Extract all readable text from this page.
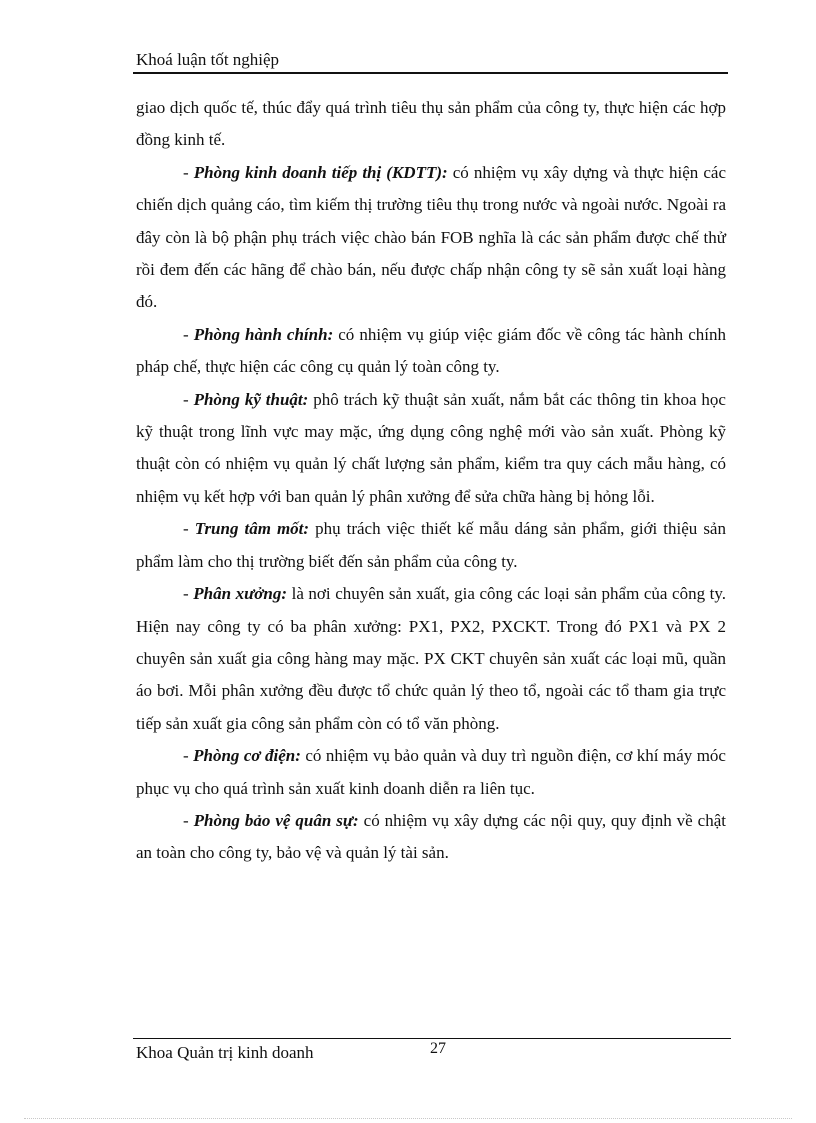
Khoá luận tốt nghiệp

giao dịch quốc tế, thúc đẩy quá trình tiêu thụ sản phẩm của công ty, thực hiện các hợp đồng kinh tế.

- Phòng kinh doanh tiếp thị (KDTT): có nhiệm vụ xây dựng và thực hiện các chiến dịch quảng cáo, tìm kiếm thị trường tiêu thụ trong nước và ngoài nước. Ngoài ra đây còn là bộ phận phụ trách việc chào bán FOB nghĩa là các sản phẩm được chế thử rồi đem đến các hãng để chào bán, nếu được chấp nhận công ty sẽ sản xuất loại hàng đó.

- Phòng hành chính: có nhiệm vụ giúp việc giám đốc về công tác hành chính pháp chế, thực hiện các công cụ quản lý toàn công ty.

- Phòng kỹ thuật: phô trách kỹ thuật sản xuất, nắm bắt các thông tin khoa học kỹ thuật trong lĩnh vực may mặc, ứng dụng công nghệ mới vào sản xuất. Phòng kỹ thuật còn có nhiệm vụ quản lý chất lượng sản phẩm, kiểm tra quy cách mẫu hàng, có nhiệm vụ kết hợp với ban quản lý phân xưởng để sửa chữa hàng bị hỏng lỗi.

- Trung tâm mốt: phụ trách việc thiết kế mẫu dáng sản phẩm, giới thiệu sản phẩm làm cho thị trường biết đến sản phẩm của công ty.

- Phân xưởng: là nơi chuyên sản xuất, gia công các loại sản phẩm của công ty. Hiện nay công ty có ba phân xưởng: PX1, PX2, PXCKT. Trong đó PX1 và PX 2 chuyên sản xuất gia công hàng may mặc. PX CKT chuyên sản xuất các loại mũ, quần áo bơi. Mỗi phân xưởng đều được tổ chức quản lý theo tổ, ngoài các tổ tham gia trực tiếp sản xuất gia công sản phẩm còn có tổ văn phòng.

- Phòng cơ điện: có nhiệm vụ bảo quản và duy trì nguồn điện, cơ khí máy móc phục vụ cho quá trình sản xuất kinh doanh diễn ra liên tục.

- Phòng bảo vệ quân sự: có nhiệm vụ xây dựng các nội quy, quy định về chật an toàn cho công ty, bảo vệ và quản lý tài sản.

Khoa Quản trị kinh doanh	27
